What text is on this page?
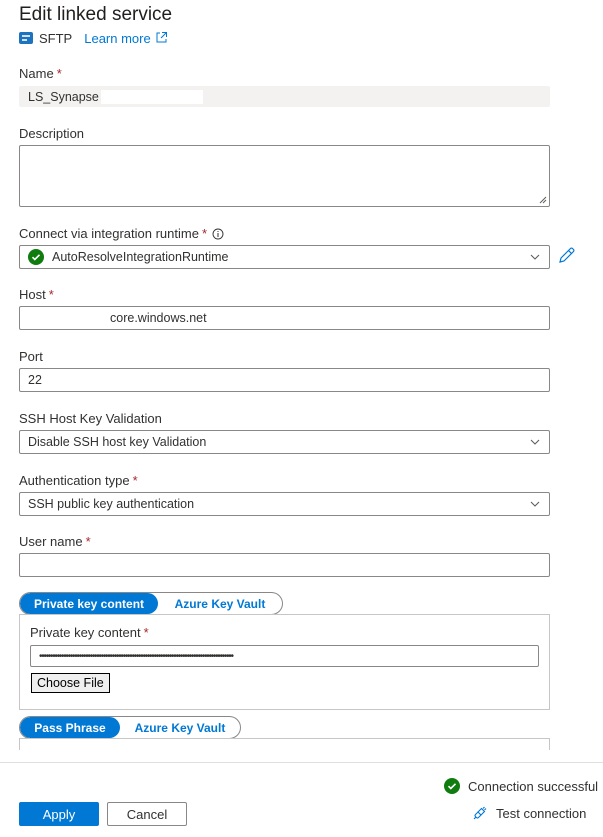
Edit linked service
SFTP Learn more
Name *
LS_Synapse
Description
Connect via integration runtime *
AutoResolveIntegrationRuntime
Host *
core.windows.net
Port
22
SSH Host Key Validation
Disable SSH host key Validation
Authentication type *
SSH public key authentication
User name *
Private key content	Azure Key Vault
Private key content *
••••••••••••••••••••••••••••••••••••••••••••••••••••••••••••••••••••••••••••••••••••••••
Choose File
Pass Phrase	Azure Key Vault
Connection successful
Test connection
Apply	Cancel
